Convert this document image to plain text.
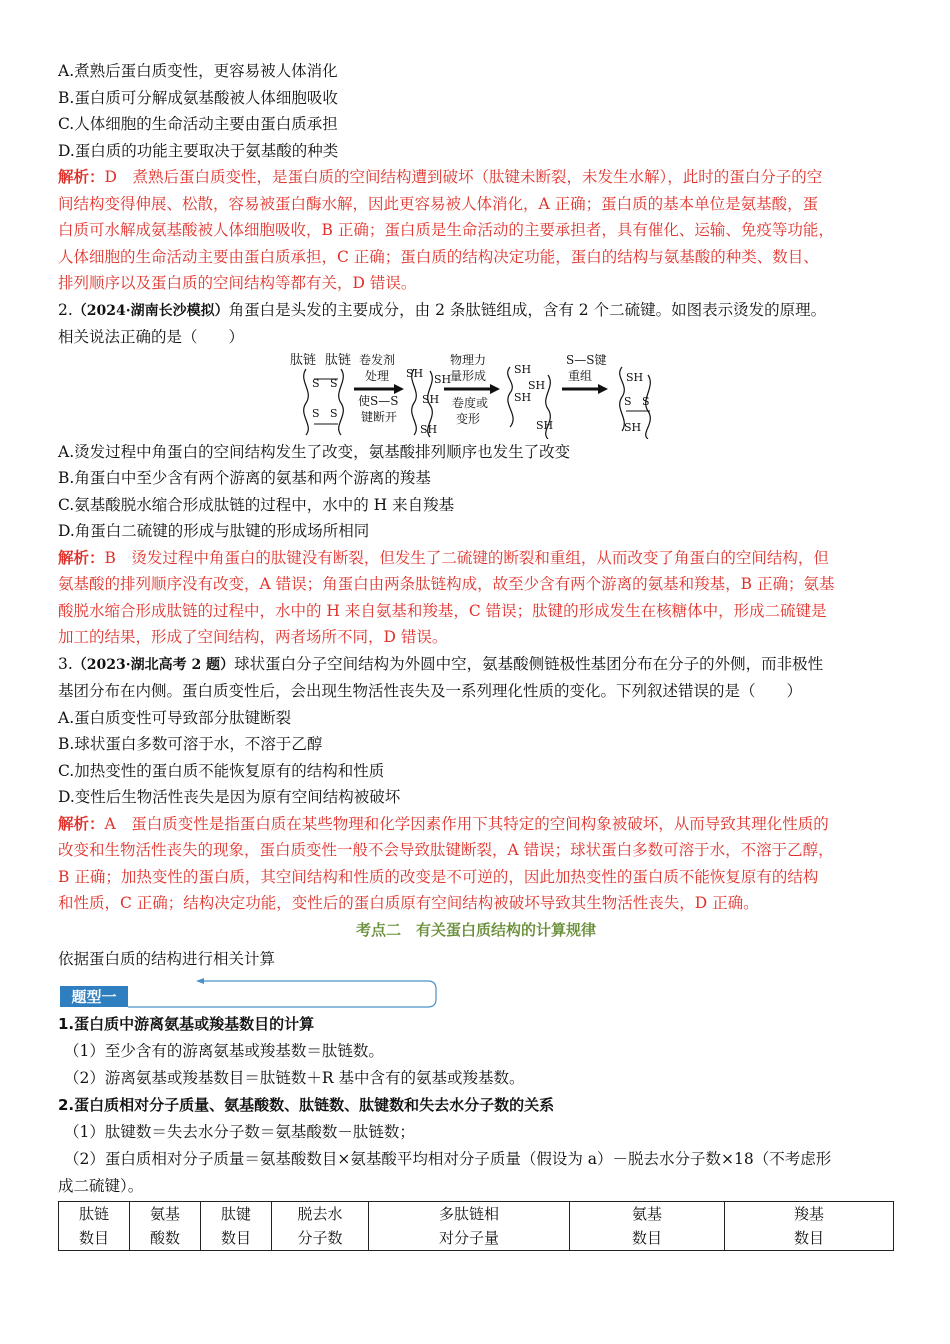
A.煮熟后蛋白质变性，更容易被人体消化
B.蛋白质可分解成氨基酸被人体细胞吸收
C.人体细胞的生命活动主要由蛋白质承担
D.蛋白质的功能主要取决于氨基酸的种类
解析：D　煮熟后蛋白质变性，是蛋白质的空间结构遭到破坏（肽键未断裂，未发生水解），此时的蛋白分子的空
间结构变得伸展、松散，容易被蛋白酶水解，因此更容易被人体消化，A 正确；蛋白质的基本单位是氨基酸，蛋
白质可水解成氨基酸被人体细胞吸收，B 正确；蛋白质是生命活动的主要承担者，具有催化、运输、免疫等功能，
人体细胞的生命活动主要由蛋白质承担，C 正确；蛋白质的结构决定功能，蛋白的结构与氨基酸的种类、数目、
排列顺序以及蛋白质的空间结构等都有关，D 错误。
2.（2024·湖南长沙模拟）角蛋白是头发的主要成分，由 2 条肽链组成，含有 2 个二硫键。如图表示烫发的原理。
相关说法正确的是（　　）
肽链 肽链
S S
S S
卷发剂
处理
使S—S
键断开
SH SH
SH
SH
物理力
量形成
卷度或
变形
SH
SH
SH
SH
S—S键
重组	SH
S S
SH
A.烫发过程中角蛋白的空间结构发生了改变，氨基酸排列顺序也发生了改变
B.角蛋白中至少含有两个游离的氨基和两个游离的羧基
C.氨基酸脱水缩合形成肽链的过程中，水中的 H 来自羧基
D.角蛋白二硫键的形成与肽键的形成场所相同
解析：B　烫发过程中角蛋白的肽键没有断裂，但发生了二硫键的断裂和重组，从而改变了角蛋白的空间结构，但
氨基酸的排列顺序没有改变，A 错误；角蛋白由两条肽链构成，故至少含有两个游离的氨基和羧基，B 正确；氨基
酸脱水缩合形成肽链的过程中，水中的 H 来自氨基和羧基，C 错误；肽键的形成发生在核糖体中，形成二硫键是
加工的结果，形成了空间结构，两者场所不同，D 错误。
3.（2023·湖北高考 2 题）球状蛋白分子空间结构为外圆中空，氨基酸侧链极性基团分布在分子的外侧，而非极性
基团分布在内侧。蛋白质变性后，会出现生物活性丧失及一系列理化性质的变化。下列叙述错误的是（　　）
A.蛋白质变性可导致部分肽键断裂
B.球状蛋白多数可溶于水，不溶于乙醇
C.加热变性的蛋白质不能恢复原有的结构和性质
D.变性后生物活性丧失是因为原有空间结构被破坏
解析：A　蛋白质变性是指蛋白质在某些物理和化学因素作用下其特定的空间构象被破坏，从而导致其理化性质的
改变和生物活性丧失的现象，蛋白质变性一般不会导致肽键断裂，A 错误；球状蛋白多数可溶于水，不溶于乙醇，
B 正确；加热变性的蛋白质，其空间结构和性质的改变是不可逆的，因此加热变性的蛋白质不能恢复原有的结构
和性质，C 正确；结构决定功能，变性后的蛋白质原有空间结构被破坏导致其生物活性丧失，D 正确。
考点二　有关蛋白质结构的计算规律
依据蛋白质的结构进行相关计算
题型一
1.蛋白质中游离氨基或羧基数目的计算
（1）至少含有的游离氨基或羧基数＝肽链数。
（2）游离氨基或羧基数目＝肽链数＋R 基中含有的氨基或羧基数。
2.蛋白质相对分子质量、氨基酸数、肽链数、肽键数和失去水分子数的关系
（1）肽键数＝失去水分子数＝氨基酸数－肽链数；
（2）蛋白质相对分子质量＝氨基酸数目×氨基酸平均相对分子质量（假设为 a）－脱去水分子数×18（不考虑形
成二硫键）。
肽链
数目

氨基
酸数

肽键
数目

脱去水
分子数

多肽链相
对分子量

氨基
数目

羧基
数目
